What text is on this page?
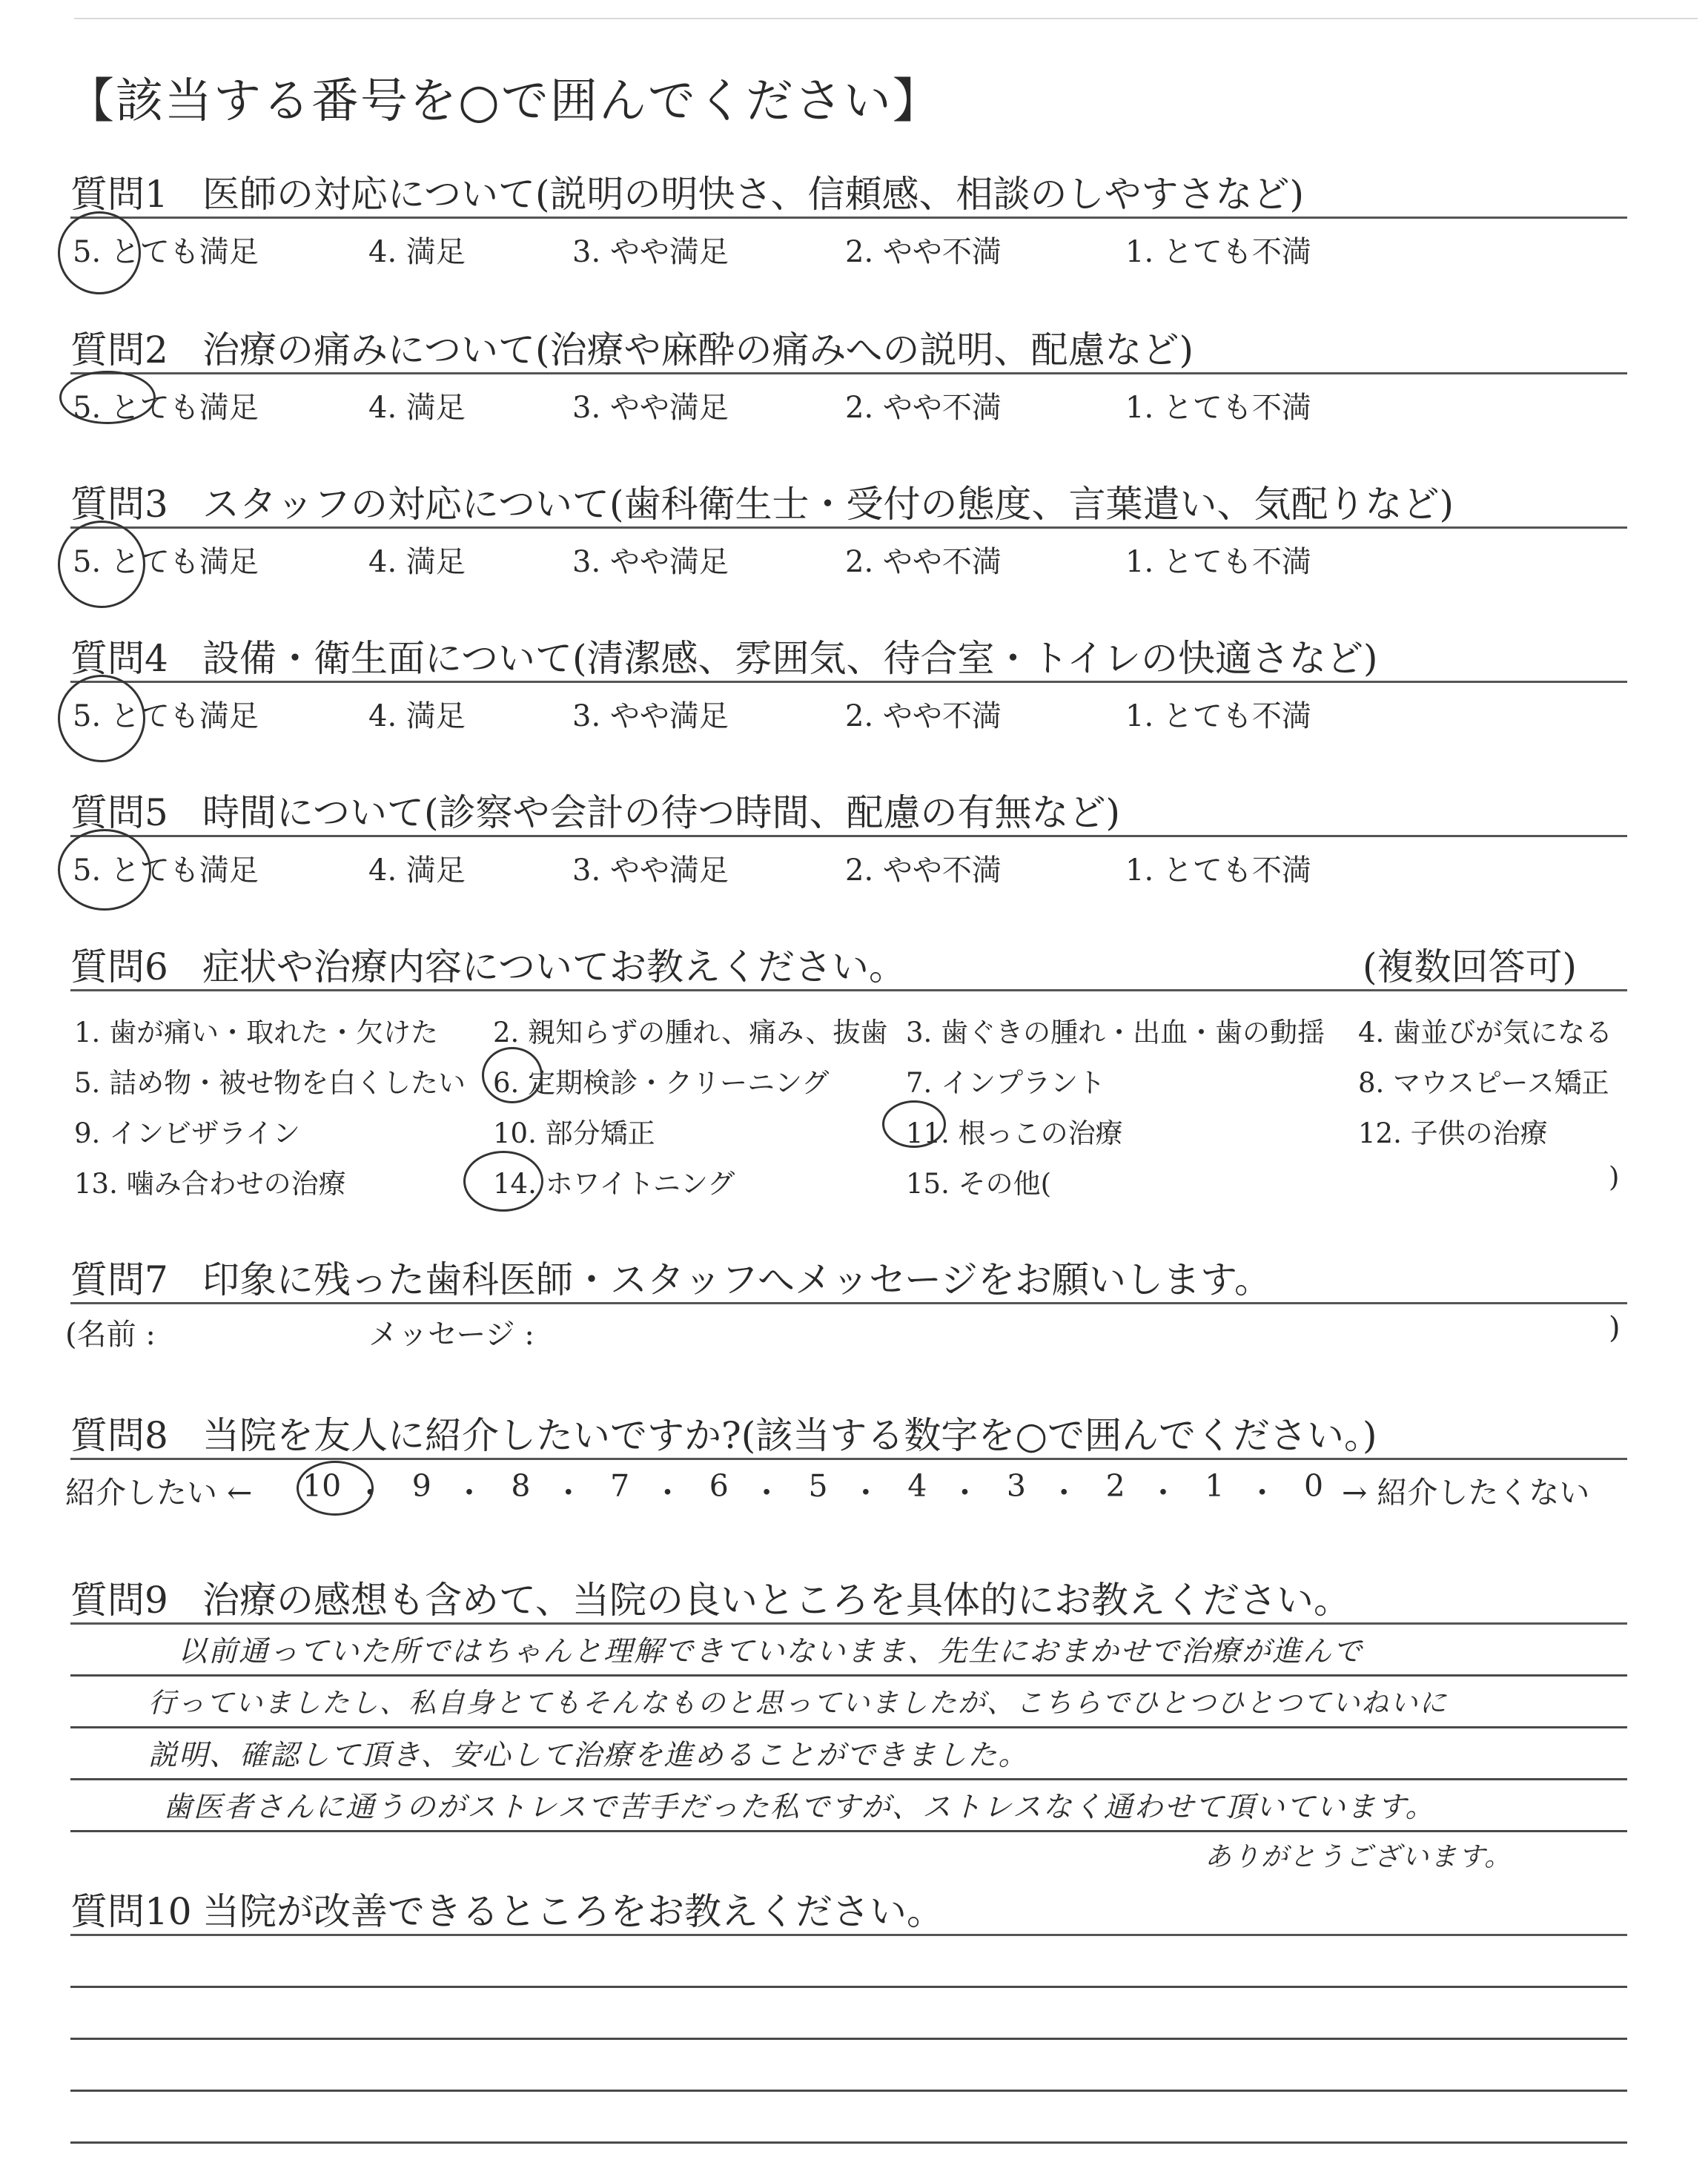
【該当する番号を○で囲んでください】
質問1 医師の対応について(説明の明快さ、信頼感、相談のしやすさなど)
5. とても満足	4. 満足	3. やや満足	2. やや不満	1. とても不満
質問2 治療の痛みについて(治療や麻酔の痛みへの説明、配慮など)
5. とても満足	4. 満足	3. やや満足	2. やや不満	1. とても不満
質問3 スタッフの対応について(歯科衛生士・受付の態度、言葉遣い、気配りなど)
5. とても満足	4. 満足	3. やや満足	2. やや不満	1. とても不満
質問4 設備・衛生面について(清潔感、雰囲気、待合室・トイレの快適さなど)
5. とても満足	4. 満足	3. やや満足	2. やや不満	1. とても不満
質問5 時間について(診察や会計の待つ時間、配慮の有無など)
5. とても満足	4. 満足	3. やや満足	2. やや不満	1. とても不満
質問6 症状や治療内容についてお教えください。	(複数回答可)
1. 歯が痛い・取れた・欠けた 2. 親知らずの腫れ、痛み、抜歯 3. 歯ぐきの腫れ・出血・歯の動揺 4. 歯並びが気になる
5. 詰め物・被せ物を白くしたい 6. 定期検診・クリーニング	7. インプラント	8. マウスピース矯正
9. インビザライン	10. 部分矯正	11. 根っこの治療	12. 子供の治療
13. 噛み合わせの治療	14. ホワイトニング	15. その他(	)
質問7 印象に残った歯科医師・スタッフへメッセージをお願いします。
(名前 :	メッセージ :	)
質問8 当院を友人に紹介したいですか?(該当する数字を○で囲んでください。)
紹介したい ←	→ 紹介したくない
10 ・ 9 ・ 8 ・ 7 ・ 6 ・ 5 ・ 4 ・ 3 ・ 2 ・ 1 ・ 0
質問9 治療の感想も含めて、当院の良いところを具体的にお教えください。
以前通っていた所ではちゃんと理解できていないまま、先生におまかせで治療が進んで
行っていましたし、私自身とてもそんなものと思っていましたが、こちらでひとつひとつていねいに
説明、確認して頂き、安心して治療を進めることができました。
歯医者さんに通うのがストレスで苦手だった私ですが、ストレスなく通わせて頂いています。
ありがとうございます。
質問10 当院が改善できるところをお教えください。
